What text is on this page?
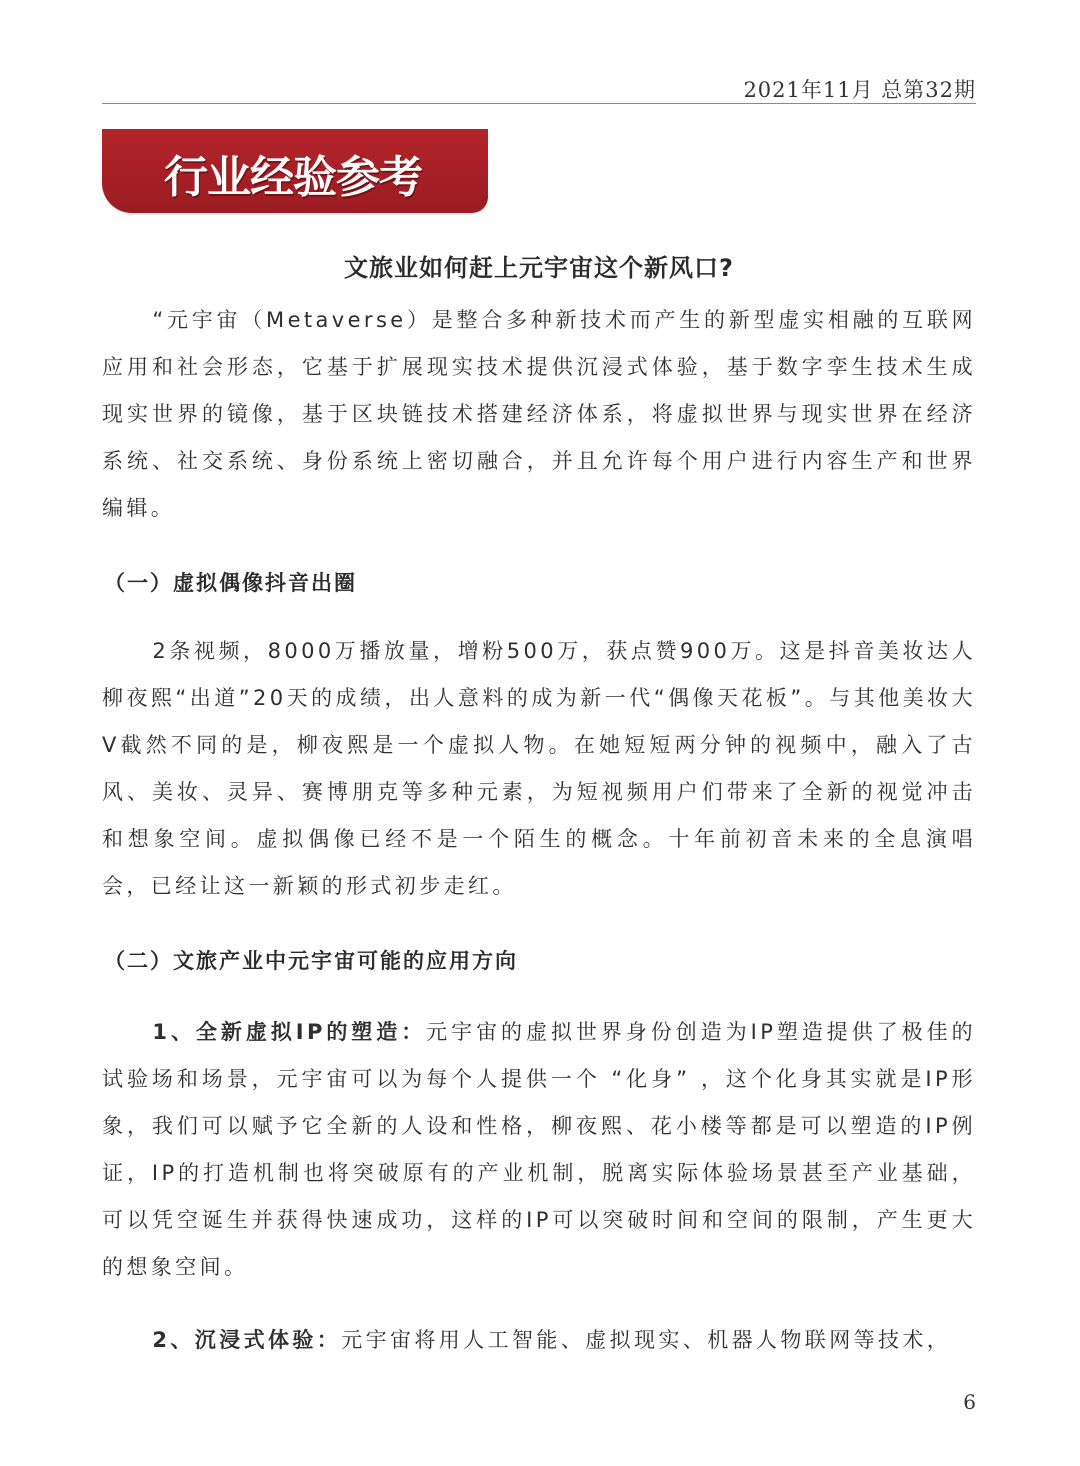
2021年11月 总第32期
行业经验参考
文旅业如何赶上元宇宙这个新风口?
“元宇宙（Metaverse）是整合多种新技术而产生的新型虚实相融的互联网应用和社会形态，它基于扩展现实技术提供沉浸式体验，基于数字孪生技术生成现实世界的镜像，基于区块链技术搭建经济体系，将虚拟世界与现实世界在经济系统、社交系统、身份系统上密切融合，并且允许每个用户进行内容生产和世界编辑。
（一）虚拟偶像抖音出圈
2条视频，8000万播放量，增粉500万，获点赞900万。这是抖音美妆达人柳夜熙“出道”20天的成绩，出人意料的成为新一代“偶像天花板”。与其他美妆大V截然不同的是，柳夜熙是一个虚拟人物。在她短短两分钟的视频中，融入了古风、美妆、灵异、赛博朋克等多种元素，为短视频用户们带来了全新的视觉冲击和想象空间。虚拟偶像已经不是一个陌生的概念。十年前初音未来的全息演唱会，已经让这一新颖的形式初步走红。
（二）文旅产业中元宇宙可能的应用方向
1、全新虚拟IP的塑造：元宇宙的虚拟世界身份创造为IP塑造提供了极佳的试验场和场景，元宇宙可以为每个人提供一个 “化身” ，这个化身其实就是IP形象，我们可以赋予它全新的人设和性格，柳夜熙、花小楼等都是可以塑造的IP例证，IP的打造机制也将突破原有的产业机制，脱离实际体验场景甚至产业基础，可以凭空诞生并获得快速成功，这样的IP可以突破时间和空间的限制，产生更大的想象空间。
2、沉浸式体验：元宇宙将用人工智能、虚拟现实、机器人物联网等技术，
6
